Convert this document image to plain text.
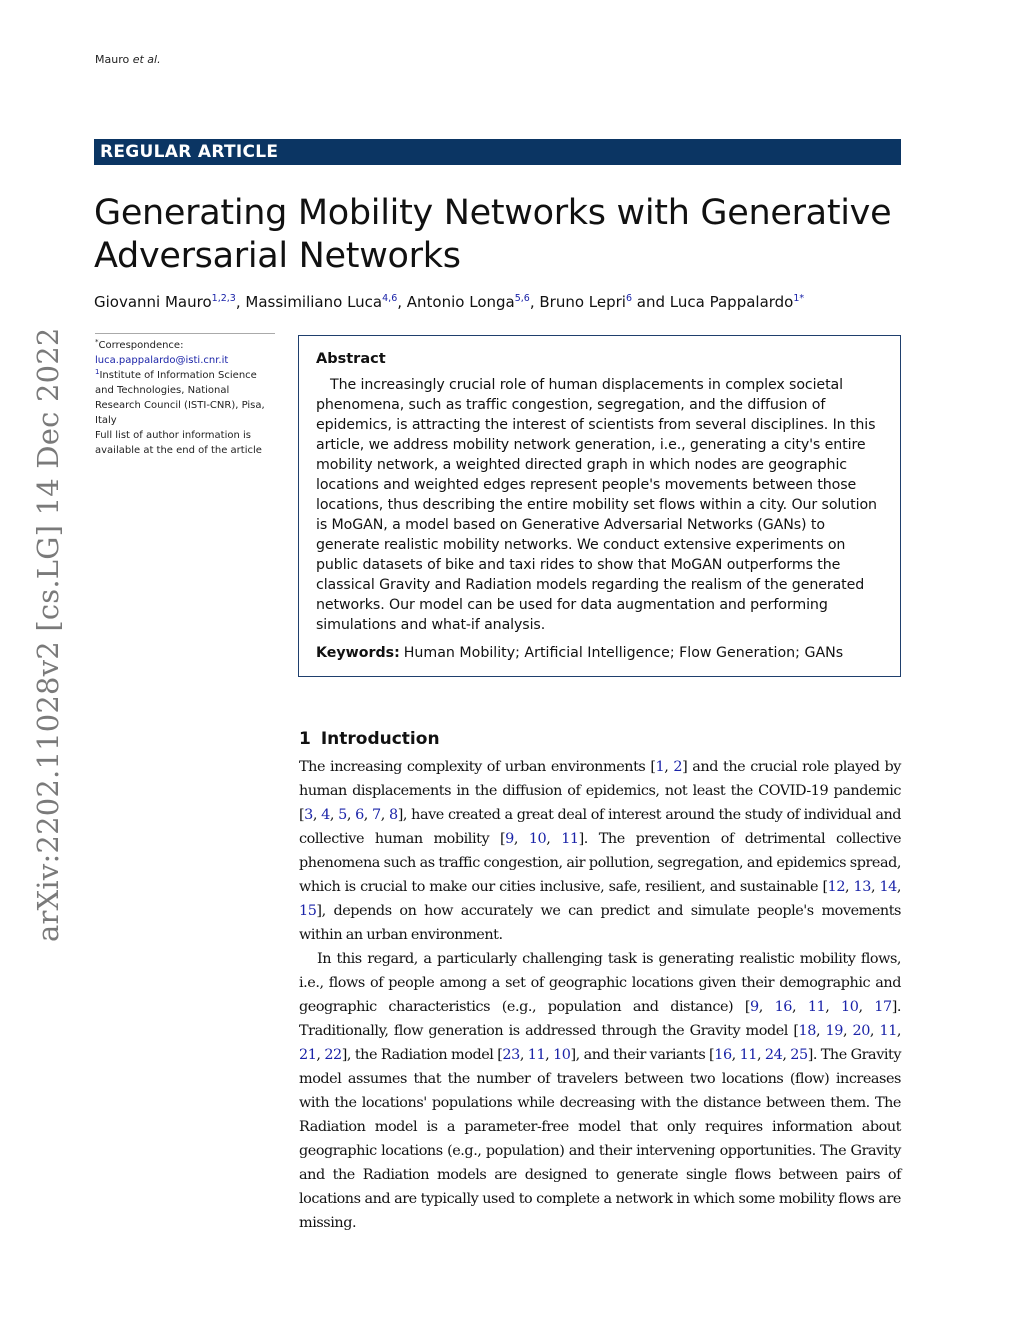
Mauro et al.
REGULAR ARTICLE
Generating Mobility Networks with Generative Adversarial Networks
Giovanni Mauro$^{1,2,3}$, Massimiliano Luca$^{4,6}$, Antonio Longa$^{5,6}$, Bruno Lepri$^6$ and Luca Pappalardo$^{1*}$
arXiv:2202.11028v2 [cs.LG] 14 Dec 2022	*Correspondence:

luca.pappalardo@isti.cnr.it

$^1$Institute of Information Science and Technologies, National Research Council (ISTI-CNR), Pisa, Italy

Full list of author information is available at the end of the article

Abstract

The increasingly crucial role of human displacements in complex societal phenomena, such as traffic congestion, segregation, and the diffusion of epidemics, is attracting the interest of scientists from several disciplines. In this article, we address mobility network generation, i.e., generating a city's entire mobility network, a weighted directed graph in which nodes are geographic locations and weighted edges represent people's movements between those locations, thus describing the entire mobility set flows within a city. Our solution is MoGAN, a model based on Generative Adversarial Networks (GANs) to generate realistic mobility networks. We conduct extensive experiments on public datasets of bike and taxi rides to show that MoGAN outperforms the classical Gravity and Radiation models regarding the realism of the generated networks. Our model can be used for data augmentation and performing simulations and what-if analysis.

Keywords: Human Mobility; Artificial Intelligence; Flow Generation; GANs

1 Introduction

The increasing complexity of urban environments [1, 2] and the crucial role played by human displacements in the diffusion of epidemics, not least the COVID-19 pandemic [3, 4, 5, 6, 7, 8], have created a great deal of interest around the study of individual and collective human mobility [9, 10, 11]. The prevention of detrimental collective phenomena such as traffic congestion, air pollution, segregation, and epidemics spread, which is crucial to make our cities inclusive, safe, resilient, and sustainable [12, 13, 14, 15], depends on how accurately we can predict and simulate people's movements within an urban environment.

In this regard, a particularly challenging task is generating realistic mobility flows, i.e., flows of people among a set of geographic locations given their demographic and geographic characteristics (e.g., population and distance) [9, 16, 11, 10, 17]. Traditionally, flow generation is addressed through the Gravity model [18, 19, 20, 11, 21, 22], the Radiation model [23, 11, 10], and their variants [16, 11, 24, 25]. The Gravity model assumes that the number of travelers between two locations (flow) increases with the locations' populations while decreasing with the distance between them. The Radiation model is a parameter-free model that only requires information about geographic locations (e.g., population) and their intervening opportunities. The Gravity and the Radiation models are designed to generate single flows between pairs of locations and are typically used to complete a network in which some mobility flows are missing.
